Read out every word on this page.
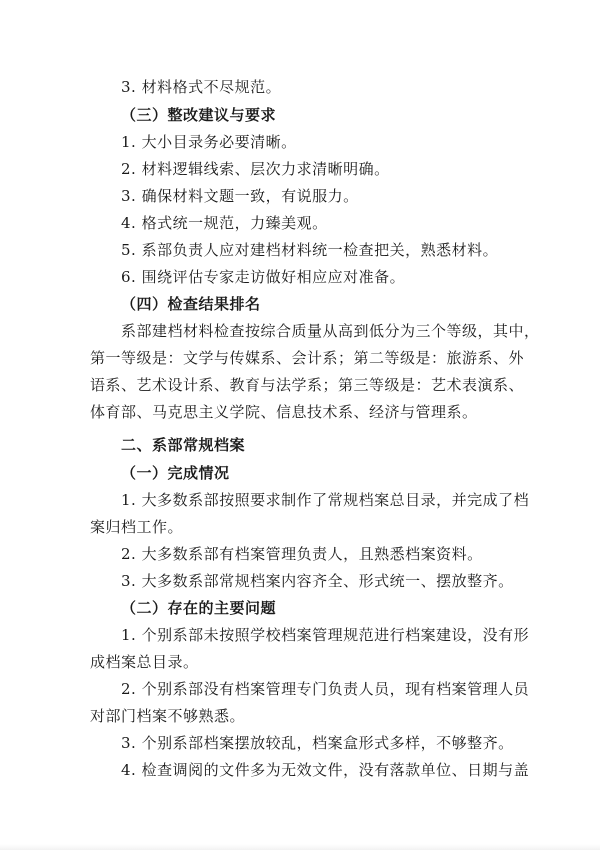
3. 材料格式不尽规范。
（三）整改建议与要求
1. 大小目录务必要清晰。
2. 材料逻辑线索、层次力求清晰明确。
3. 确保材料文题一致，有说服力。
4. 格式统一规范，力臻美观。
5. 系部负责人应对建档材料统一检查把关，熟悉材料。
6. 围绕评估专家走访做好相应应对准备。
（四）检查结果排名
系部建档材料检查按综合质量从高到低分为三个等级，其中，
第一等级是：文学与传媒系、会计系；第二等级是：旅游系、外
语系、艺术设计系、教育与法学系；第三等级是：艺术表演系、
体育部、马克思主义学院、信息技术系、经济与管理系。
二、系部常规档案
（一）完成情况
1. 大多数系部按照要求制作了常规档案总目录，并完成了档
案归档工作。
2. 大多数系部有档案管理负责人，且熟悉档案资料。
3. 大多数系部常规档案内容齐全、形式统一、摆放整齐。
（二）存在的主要问题
1. 个别系部未按照学校档案管理规范进行档案建设，没有形
成档案总目录。
2. 个别系部没有档案管理专门负责人员，现有档案管理人员
对部门档案不够熟悉。
3. 个别系部档案摆放较乱，档案盒形式多样，不够整齐。
4. 检查调阅的文件多为无效文件，没有落款单位、日期与盖
